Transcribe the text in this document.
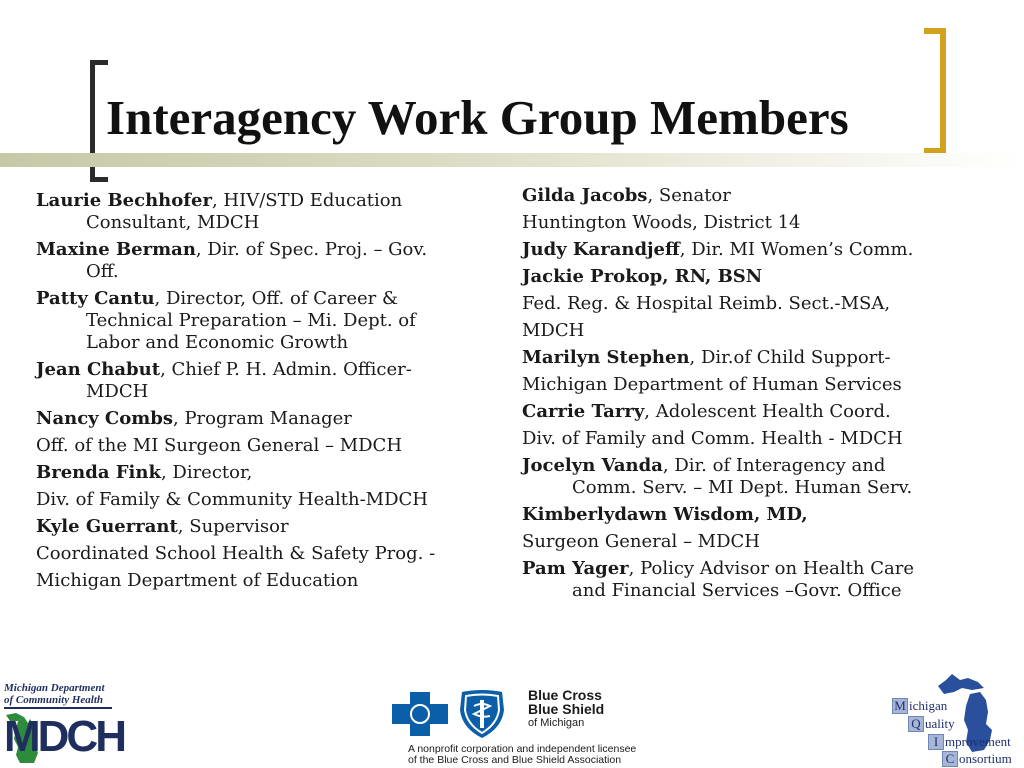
Interagency Work Group Members
Laurie Bechhofer, HIV/STD Education
Consultant, MDCH
Maxine Berman, Dir. of Spec. Proj. – Gov.
Off.
Patty Cantu, Director, Off. of Career &
Technical Preparation – Mi. Dept. of
Labor and Economic Growth
Jean Chabut, Chief P. H. Admin. Officer-
MDCH
Nancy Combs, Program Manager
Off. of the MI Surgeon General – MDCH
Brenda Fink, Director,
Div. of Family & Community Health-MDCH
Kyle Guerrant, Supervisor
Coordinated School Health & Safety Prog. -
Michigan Department of Education
Gilda Jacobs, Senator
Huntington Woods, District 14
Judy Karandjeff, Dir. MI Women’s Comm.
Jackie Prokop, RN, BSN
Fed. Reg. & Hospital Reimb. Sect.-MSA,
MDCH
Marilyn Stephen, Dir.of Child Support-
Michigan Department of Human Services
Carrie Tarry, Adolescent Health Coord.
Div. of Family and Comm. Health - MDCH
Jocelyn Vanda, Dir. of Interagency and
Comm. Serv. – MI Dept. Human Serv.
Kimberlydawn Wisdom, MD,
Surgeon General – MDCH
Pam Yager, Policy Advisor on Health Care
and Financial Services –Govr. Office
Michigan Department
of Community Health
MDCH
Blue Cross
Blue Shield
of Michigan
A nonprofit corporation and independent licensee
of the Blue Cross and Blue Shield Association
M ichigan
Q uality
I mprovement
C onsortium
